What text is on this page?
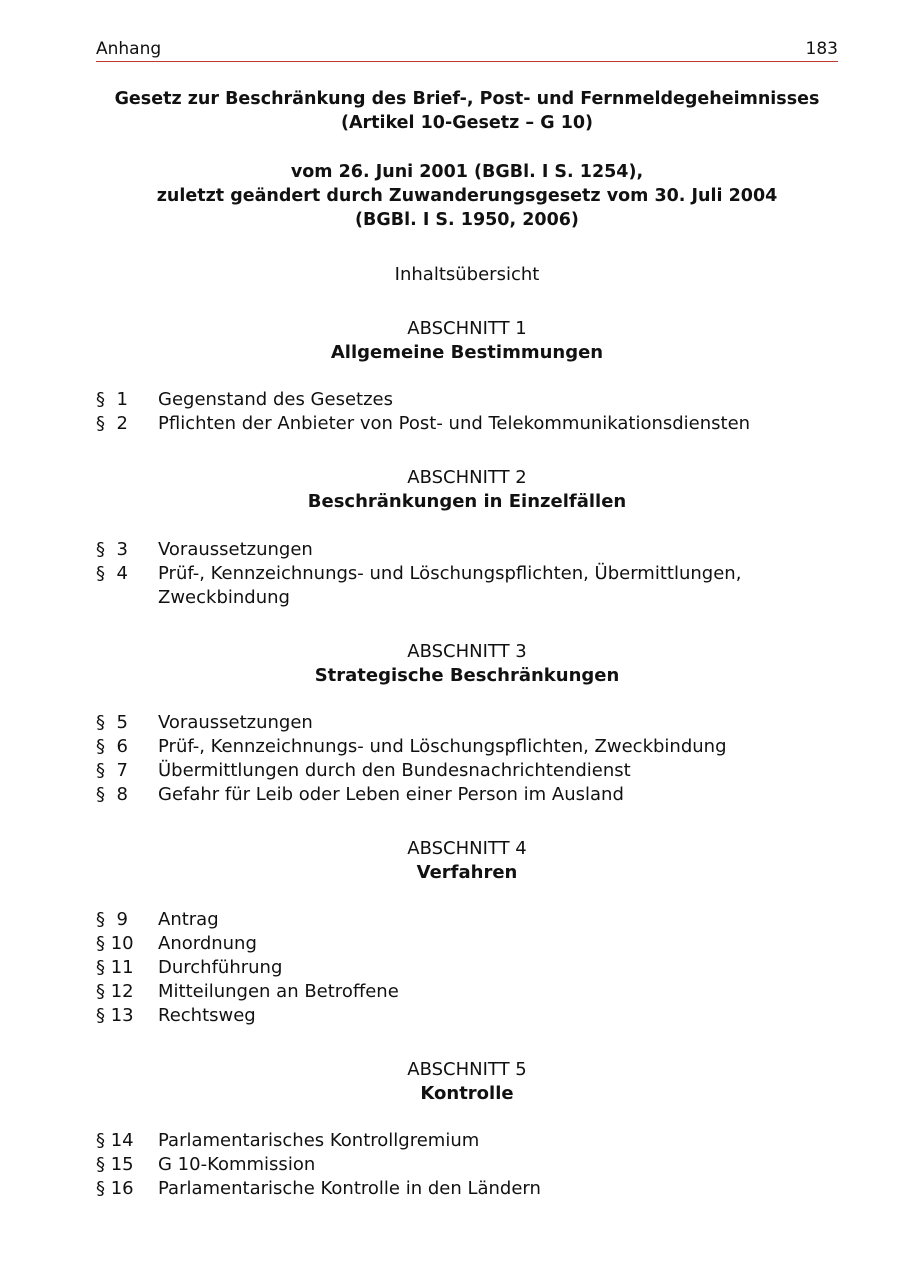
Anhang	183
Gesetz zur Beschränkung des Brief-, Post- und Fernmeldegeheimnisses
(Artikel 10-Gesetz – G 10)
vom 26. Juni 2001 (BGBl. I S. 1254),
zuletzt geändert durch Zuwanderungsgesetz vom 30. Juli 2004
(BGBl. I S. 1950, 2006)
Inhaltsübersicht
ABSCHNITT 1
Allgemeine Bestimmungen
§  1	Gegenstand des Gesetzes
§  2	Pflichten der Anbieter von Post- und Telekommunikationsdiensten
ABSCHNITT 2
Beschränkungen in Einzelfällen
§  3	Voraussetzungen
§  4	Prüf-, Kennzeichnungs- und Löschungspflichten, Übermittlungen,
Zweckbindung
ABSCHNITT 3
Strategische Beschränkungen
§  5	Voraussetzungen
§  6	Prüf-, Kennzeichnungs- und Löschungspflichten, Zweckbindung
§  7	Übermittlungen durch den Bundesnachrichtendienst
§  8	Gefahr für Leib oder Leben einer Person im Ausland
ABSCHNITT 4
Verfahren
§  9	Antrag
§ 10	Anordnung
§ 11	Durchführung
§ 12	Mitteilungen an Betroffene
§ 13	Rechtsweg
ABSCHNITT 5
Kontrolle
§ 14	Parlamentarisches Kontrollgremium
§ 15	G 10-Kommission
§ 16	Parlamentarische Kontrolle in den Ländern
